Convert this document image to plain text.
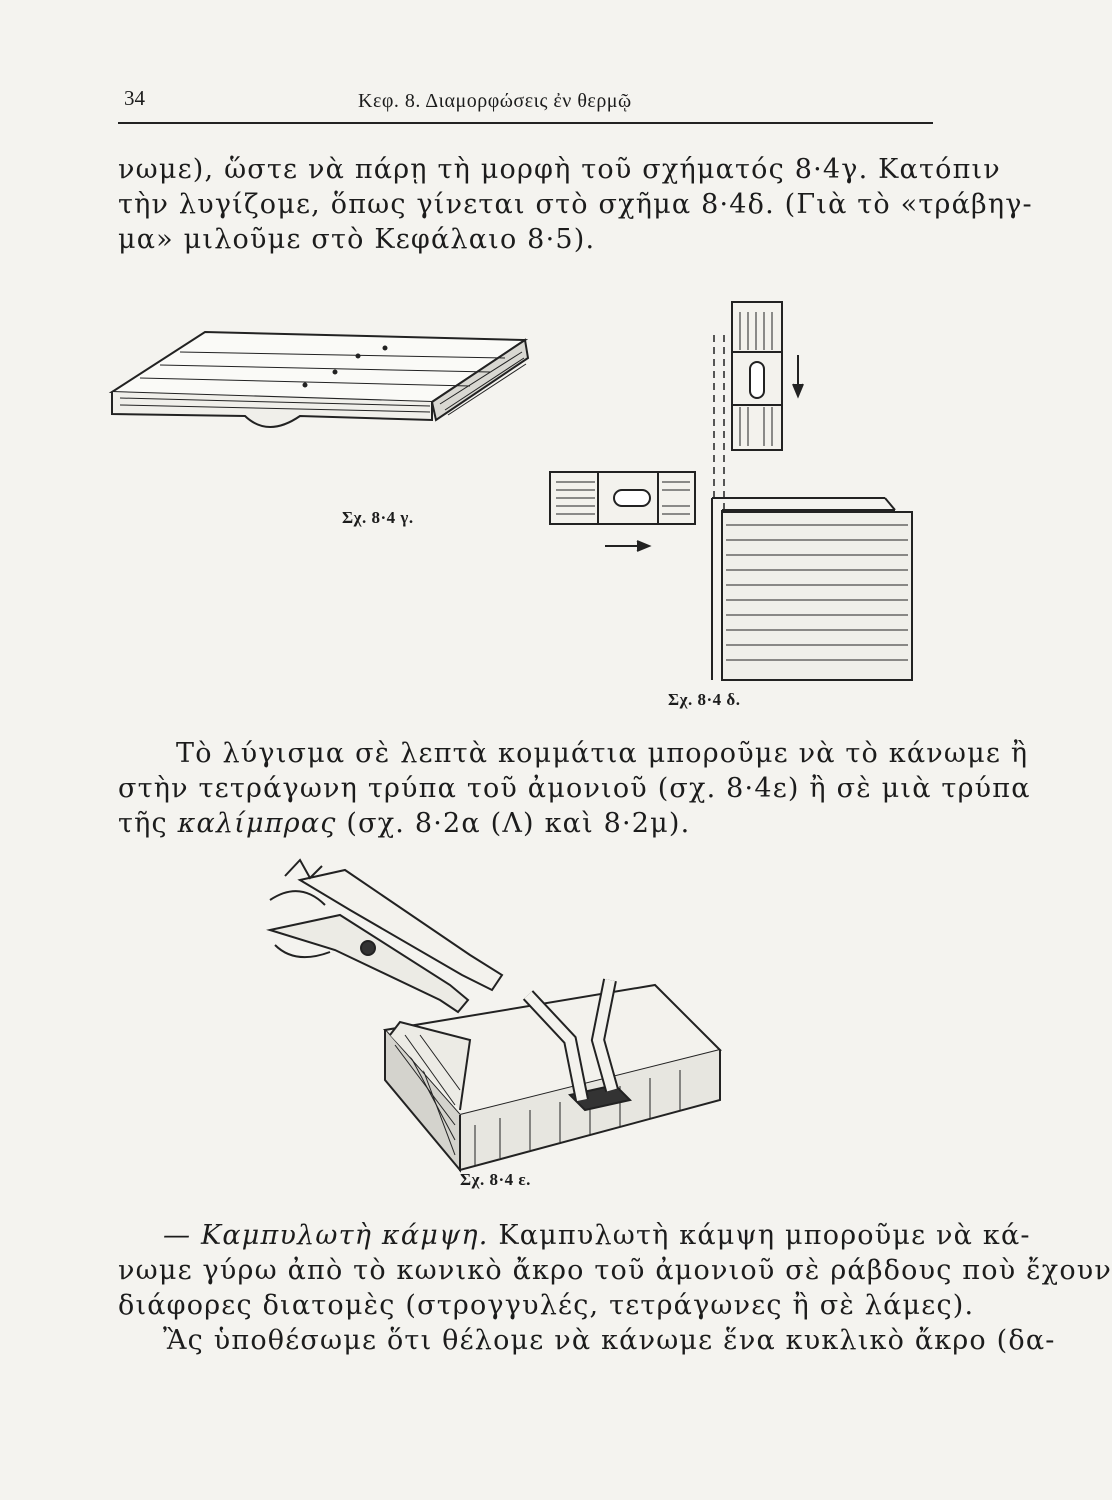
34	Κεφ. 8. Διαμορφώσεις ἐν θερμῷ
νωμε), ὥστε νὰ πάρῃ τὴ μορφὴ τοῦ σχήματός 8·4γ. Κατόπιν
τὴν λυγίζομε, ὅπως γίνεται στὸ σχῆμα 8·4δ. (Γιὰ τὸ «τράβηγ-
μα» μιλοῦμε στὸ Κεφάλαιο 8·5).
Σχ. 8·4 γ.
Σχ. 8·4 δ.
Τὸ λύγισμα σὲ λεπτὰ κομμάτια μποροῦμε νὰ τὸ κάνωμε ἢ
στὴν τετράγωνη τρύπα τοῦ ἀμονιοῦ (σχ. 8·4ε) ἢ σὲ μιὰ τρύπα
τῆς καλίμπρας (σχ. 8·2α (Λ) καὶ 8·2μ).
Σχ. 8·4 ε.
— Καμπυλωτὴ κάμψη. Καμπυλωτὴ κάμψη μποροῦμε νὰ κά-
νωμε γύρω ἀπὸ τὸ κωνικὸ ἄκρο τοῦ ἀμονιοῦ σὲ ράβδους ποὺ ἔχουν
διάφορες διατομὲς (στρογγυλές, τετράγωνες ἢ σὲ λάμες).
Ἂς ὑποθέσωμε ὅτι θέλομε νὰ κάνωμε ἕνα κυκλικὸ ἄκρο (δα-
